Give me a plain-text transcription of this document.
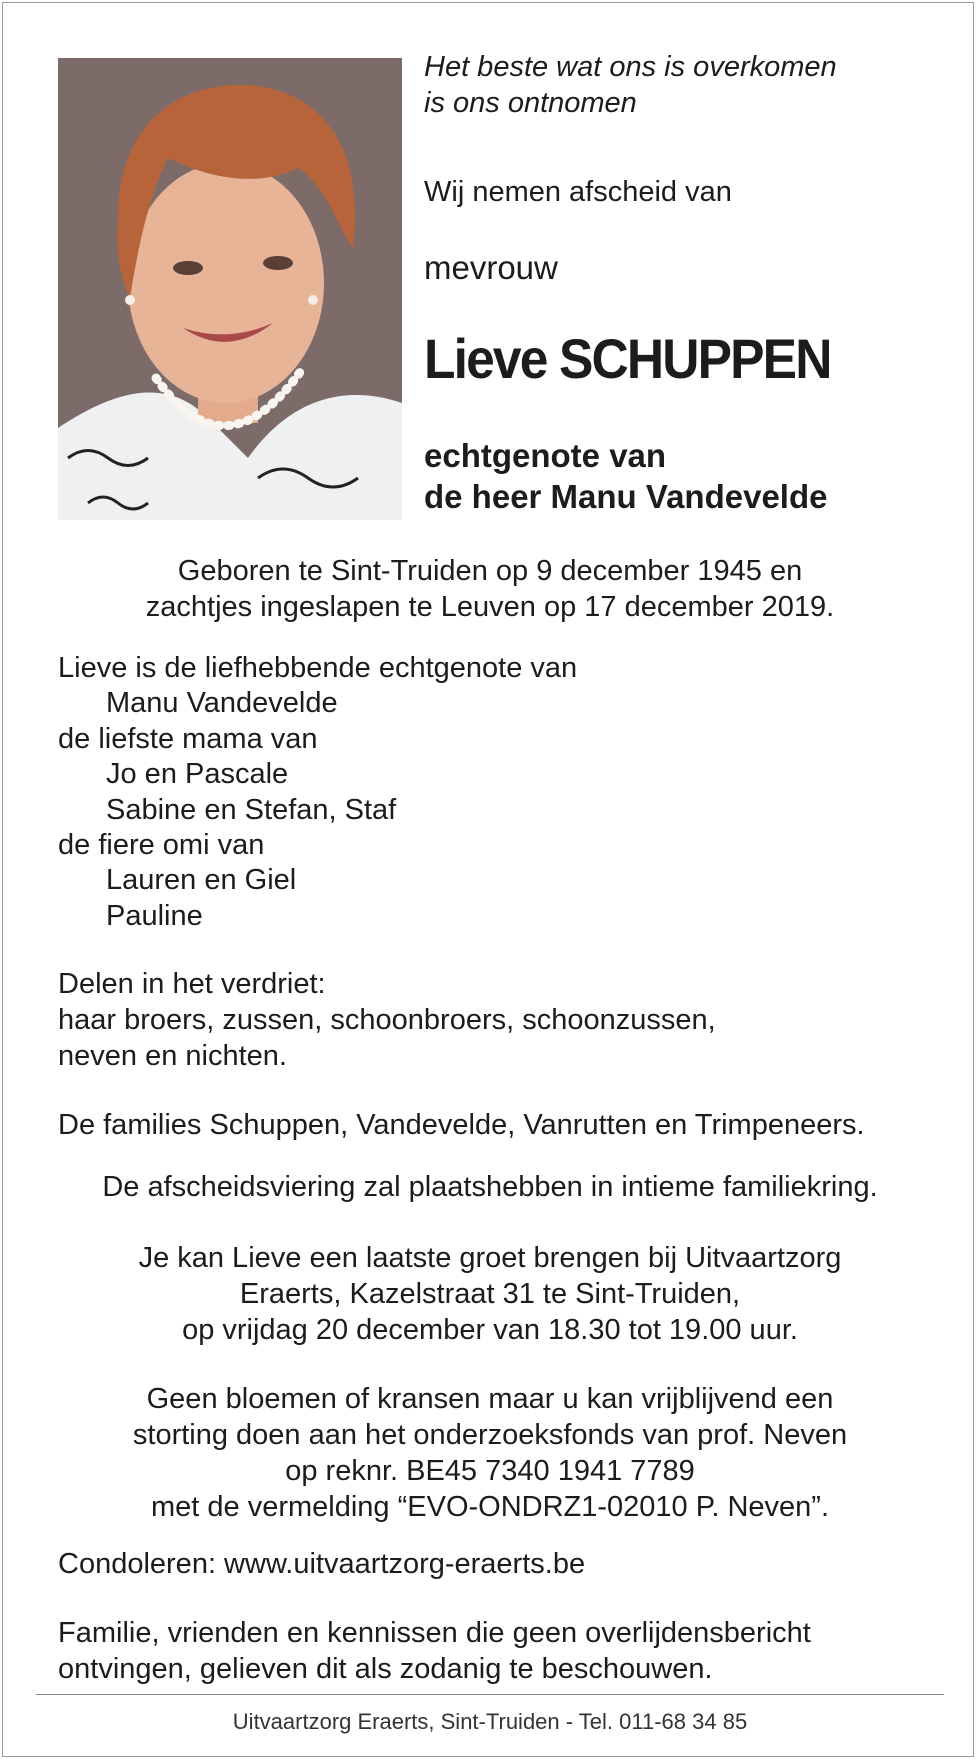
Het beste wat ons is overkomen
is ons ontnomen

Wij nemen afscheid van

mevrouw

Lieve SCHUPPEN

echtgenote van
de heer Manu Vandevelde

Geboren te Sint-Truiden op 9 december 1945 en
zachtjes ingeslapen te Leuven op 17 december 2019.

Lieve is de liefhebbende echtgenote van
Manu Vandevelde
de liefste mama van
Jo en Pascale
Sabine en Stefan, Staf
de fiere omi van
Lauren en Giel
Pauline

Delen in het verdriet:
haar broers, zussen, schoonbroers, schoonzussen,
neven en nichten.

De families Schuppen, Vandevelde, Vanrutten en Trimpeneers.

De afscheidsviering zal plaatshebben in intieme familiekring.

Je kan Lieve een laatste groet brengen bij Uitvaartzorg
Eraerts, Kazelstraat 31 te Sint-Truiden,
op vrijdag 20 december van 18.30 tot 19.00 uur.

Geen bloemen of kransen maar u kan vrijblijvend een
storting doen aan het onderzoeksfonds van prof. Neven
op reknr. BE45 7340 1941 7789
met de vermelding “EVO-ONDRZ1-02010 P. Neven”.

Condoleren: www.uitvaartzorg-eraerts.be

Familie, vrienden en kennissen die geen overlijdensbericht
ontvingen, gelieven dit als zodanig te beschouwen.

Uitvaartzorg Eraerts, Sint-Truiden - Tel. 011-68 34 85
